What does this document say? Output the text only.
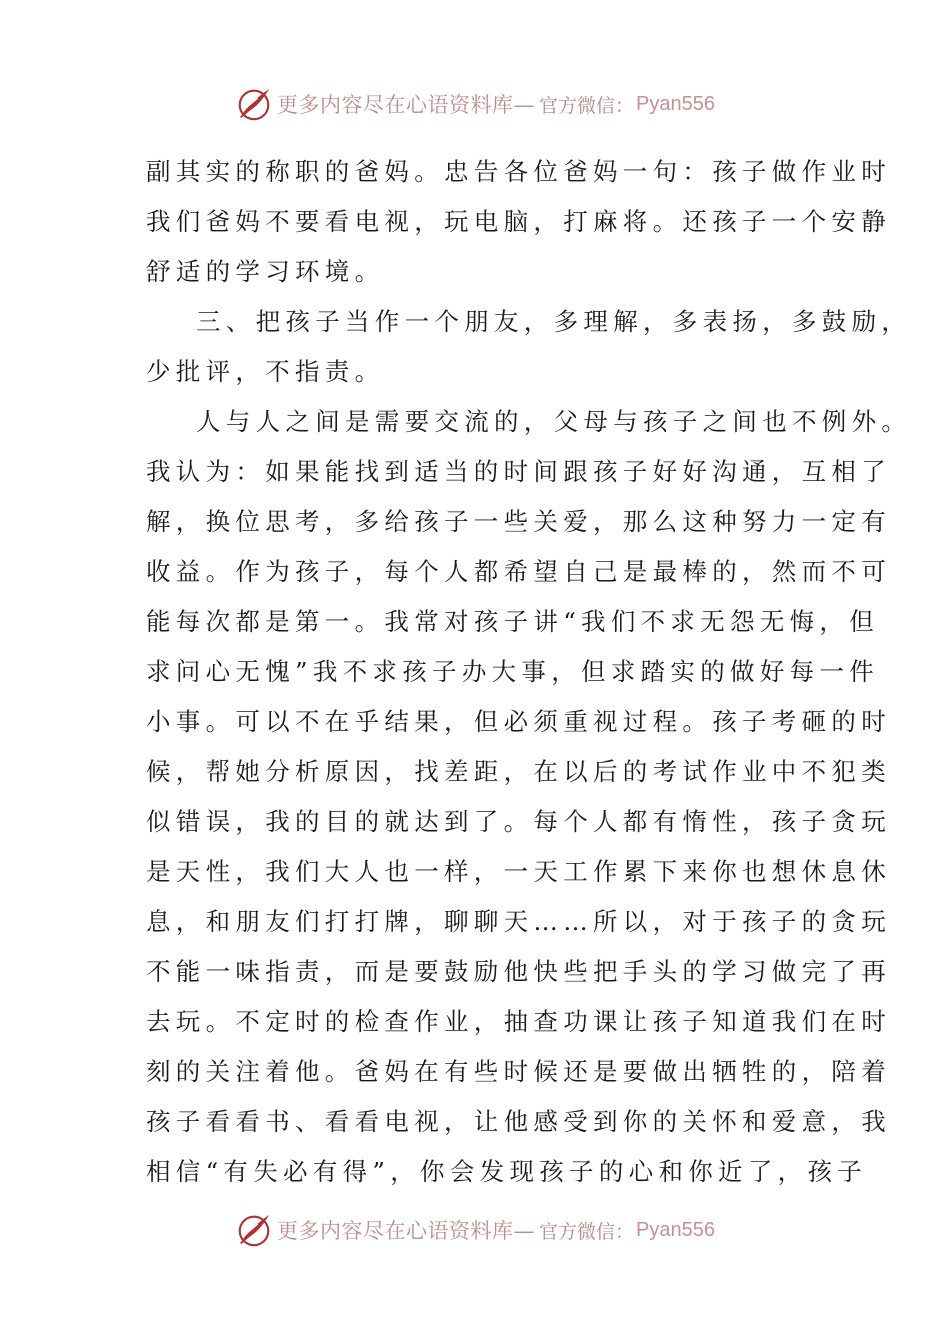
更多内容尽在心语资料库— 官方微信： Pyan556
副其实的称职的爸妈。忠告各位爸妈一句：孩子做作业时
我们爸妈不要看电视，玩电脑，打麻将。还孩子一个安静
舒适的学习环境。
三、把孩子当作一个朋友，多理解，多表扬，多鼓励，
少批评，不指责。
人与人之间是需要交流的，父母与孩子之间也不例外。
我认为：如果能找到适当的时间跟孩子好好沟通，互相了
解，换位思考，多给孩子一些关爱，那么这种努力一定有
收益。作为孩子，每个人都希望自己是最棒的，然而不可
能每次都是第一。我常对孩子讲“我们不求无怨无悔，但
求问心无愧”我不求孩子办大事，但求踏实的做好每一件
小事。可以不在乎结果，但必须重视过程。孩子考砸的时
候，帮她分析原因，找差距，在以后的考试作业中不犯类
似错误，我的目的就达到了。每个人都有惰性，孩子贪玩
是天性，我们大人也一样，一天工作累下来你也想休息休
息，和朋友们打打牌，聊聊天……所以，对于孩子的贪玩
不能一味指责，而是要鼓励他快些把手头的学习做完了再
去玩。不定时的检查作业，抽查功课让孩子知道我们在时
刻的关注着他。爸妈在有些时候还是要做出牺牲的，陪着
孩子看看书、看看电视，让他感受到你的关怀和爱意，我
相信“有失必有得”，你会发现孩子的心和你近了，孩子
更多内容尽在心语资料库— 官方微信： Pyan556
